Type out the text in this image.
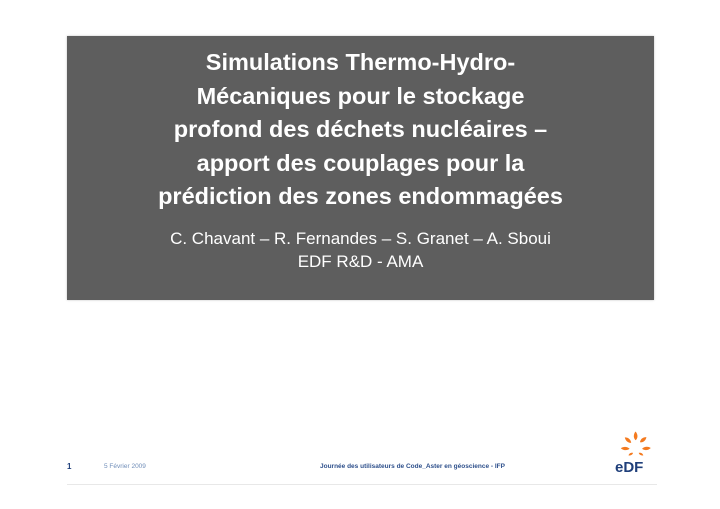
Simulations Thermo-Hydro-
Mécaniques pour le stockage
profond des déchets nucléaires –
apport des couplages pour la
prédiction des zones endommagées
C. Chavant – R. Fernandes – S. Granet – A. Sboui
EDF R&D - AMA
1	5 Février 2009	Journée des utilisateurs de Code_Aster en géoscience - IFP	eDF
